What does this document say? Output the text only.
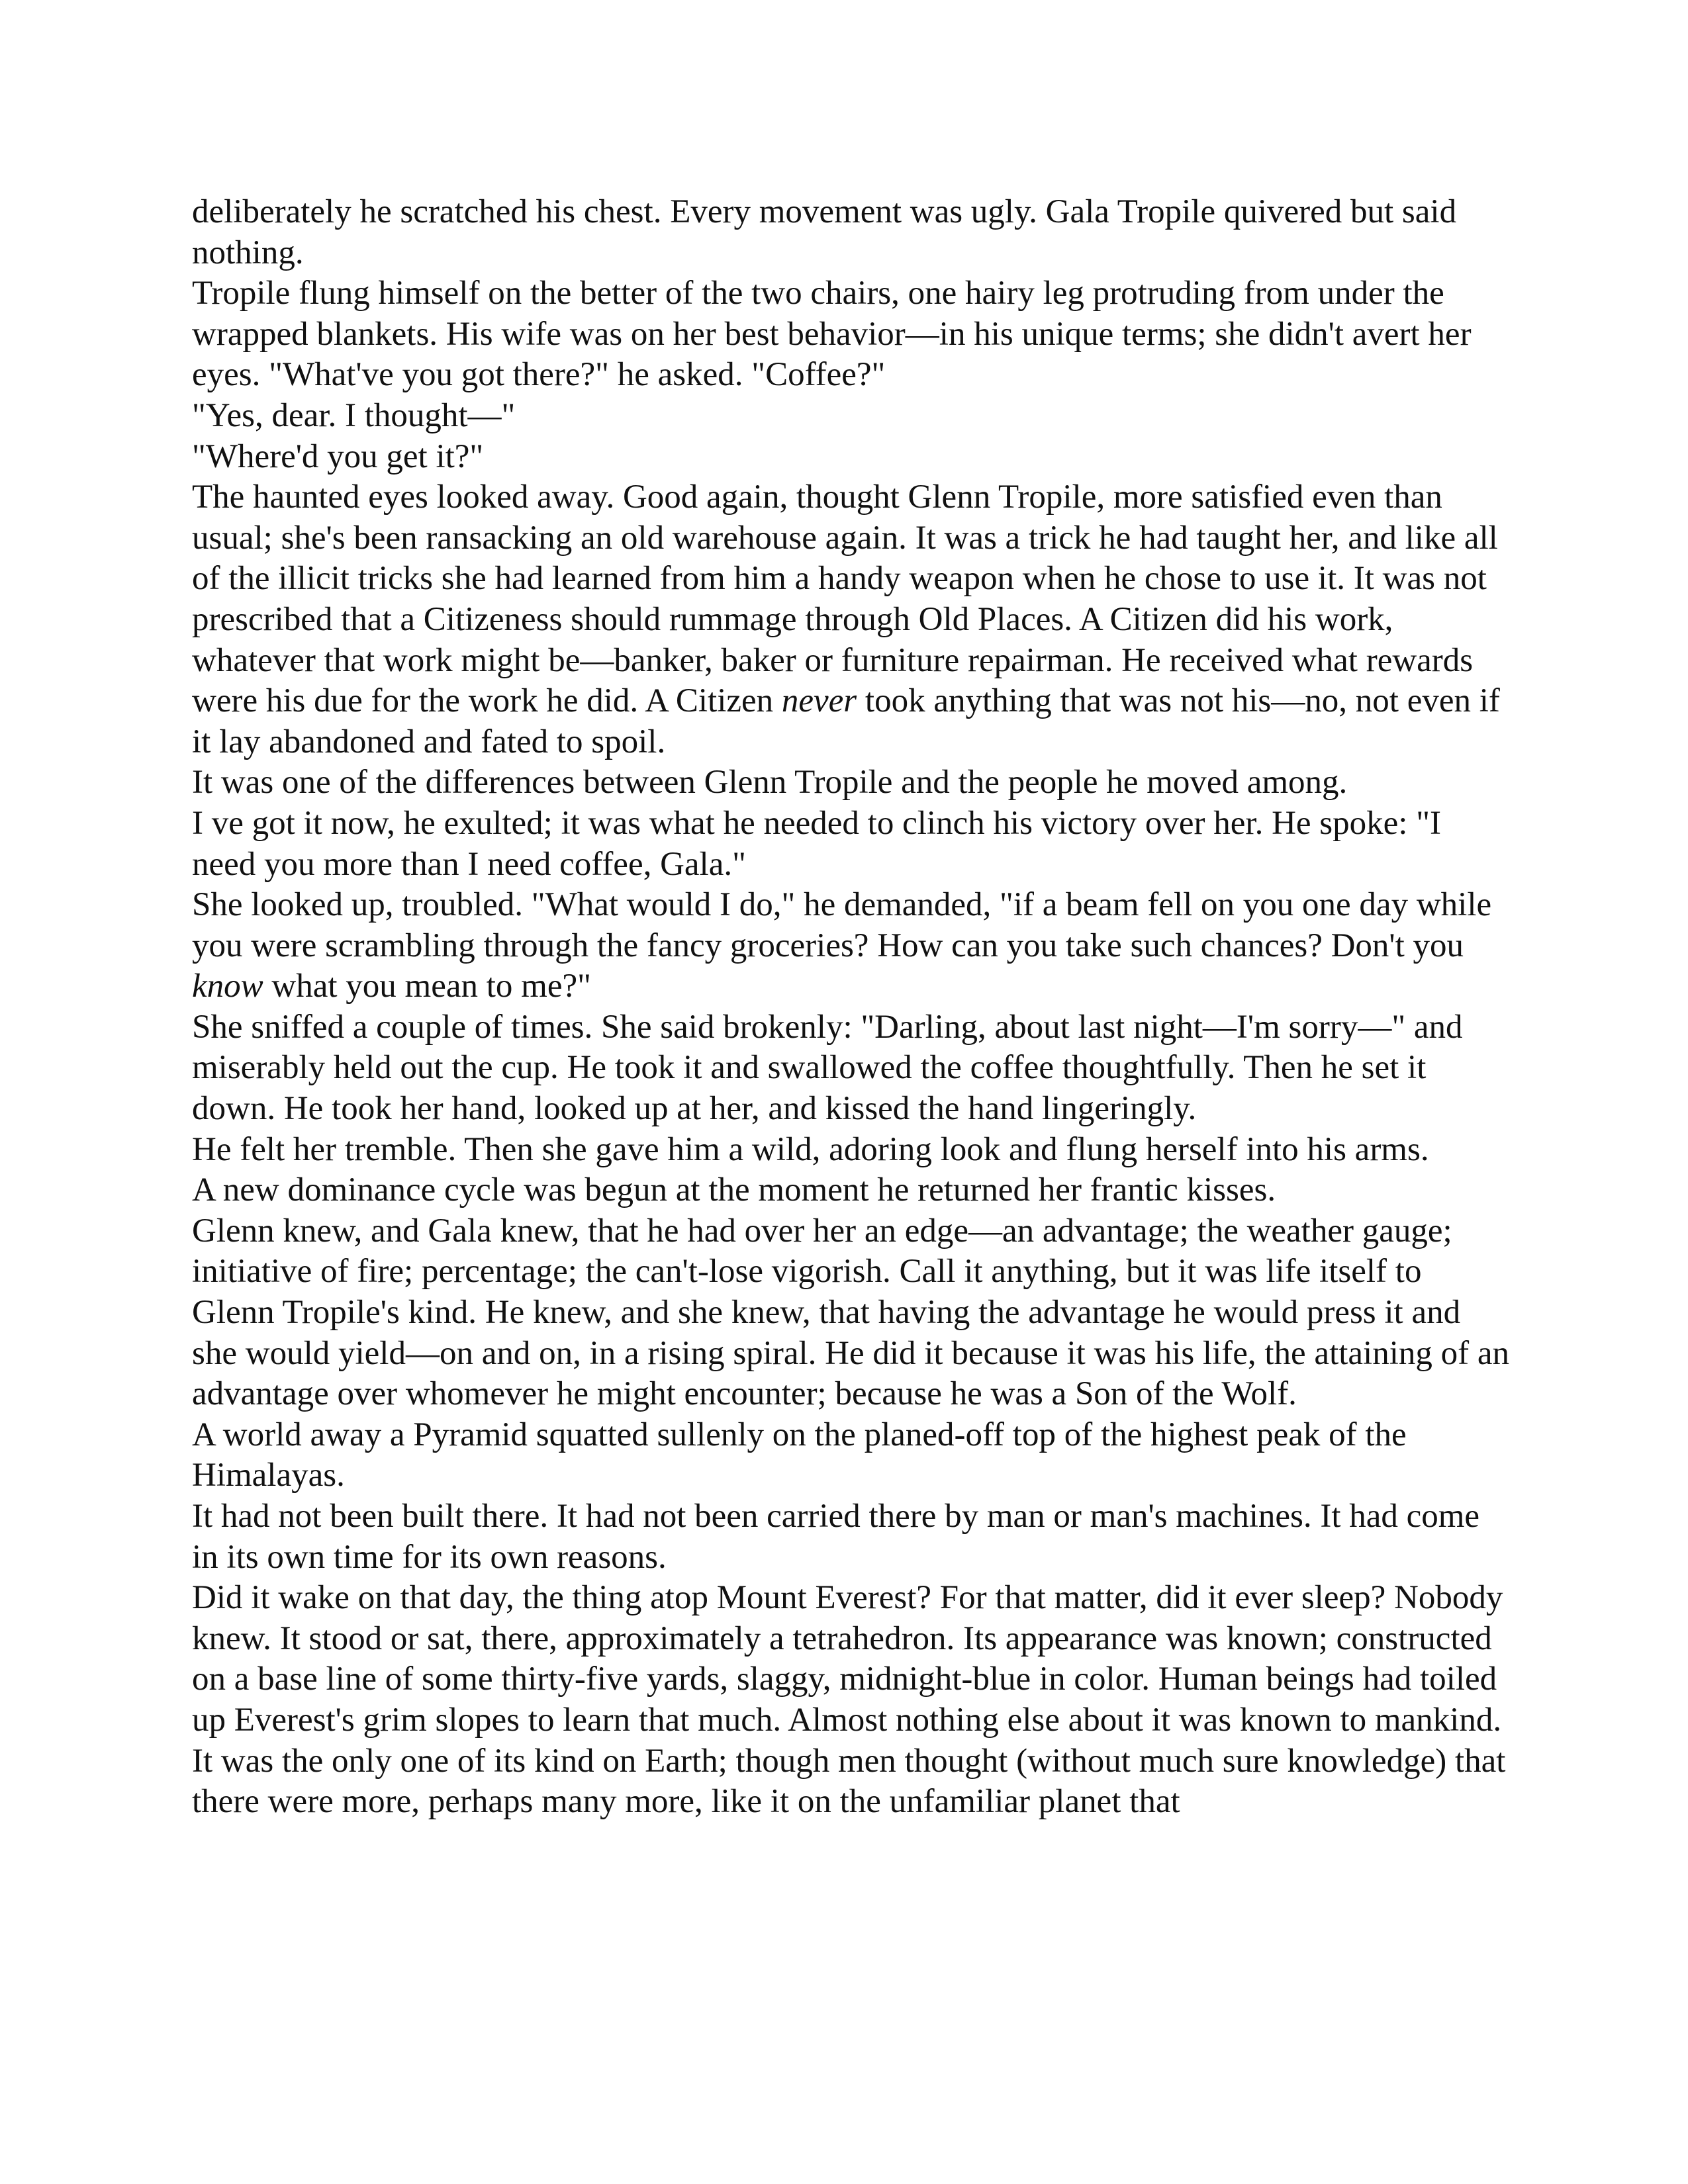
deliberately he scratched his chest. Every movement was ugly. Gala Tropile quivered but said nothing.

Tropile flung himself on the better of the two chairs, one hairy leg protruding from under the wrapped blankets. His wife was on her best behavior—in his unique terms; she didn't avert her eyes. "What've you got there?" he asked. "Coffee?"

"Yes, dear. I thought—"

"Where'd you get it?"

The haunted eyes looked away. Good again, thought Glenn Tropile, more satisfied even than usual; she's been ransacking an old warehouse again. It was a trick he had taught her, and like all of the illicit tricks she had learned from him a handy weapon when he chose to use it. It was not prescribed that a Citizeness should rummage through Old Places. A Citizen did his work, whatever that work might be—banker, baker or furniture repairman. He received what rewards were his due for the work he did. A Citizen never took anything that was not his—no, not even if it lay abandoned and fated to spoil.

It was one of the differences between Glenn Tropile and the people he moved among.

I ve got it now, he exulted; it was what he needed to clinch his victory over her. He spoke: "I need you more than I need coffee, Gala."

She looked up, troubled. "What would I do," he demanded, "if a beam fell on you one day while you were scrambling through the fancy groceries? How can you take such chances? Don't you know what you mean to me?"

She sniffed a couple of times. She said brokenly: "Darling, about last night—I'm sorry—" and miserably held out the cup. He took it and swallowed the coffee thoughtfully. Then he set it down. He took her hand, looked up at her, and kissed the hand lingeringly.

He felt her tremble. Then she gave him a wild, adoring look and flung herself into his arms.

A new dominance cycle was begun at the moment he returned her frantic kisses.

Glenn knew, and Gala knew, that he had over her an edge—an advantage; the weather gauge; initiative of fire; percentage; the can't-lose vigorish. Call it anything, but it was life itself to Glenn Tropile's kind. He knew, and she knew, that having the advantage he would press it and she would yield—on and on, in a rising spiral. He did it because it was his life, the attaining of an advantage over whomever he might encounter; because he was a Son of the Wolf.

A world away a Pyramid squatted sullenly on the planed-off top of the highest peak of the Himalayas.

It had not been built there. It had not been carried there by man or man's machines. It had come in its own time for its own reasons.

Did it wake on that day, the thing atop Mount Everest? For that matter, did it ever sleep? Nobody knew. It stood or sat, there, approximately a tetrahedron. Its appearance was known; constructed on a base line of some thirty-five yards, slaggy, midnight-blue in color. Human beings had toiled up Everest's grim slopes to learn that much. Almost nothing else about it was known to mankind.

It was the only one of its kind on Earth; though men thought (without much sure knowledge) that there were more, perhaps many more, like it on the unfamiliar planet that
